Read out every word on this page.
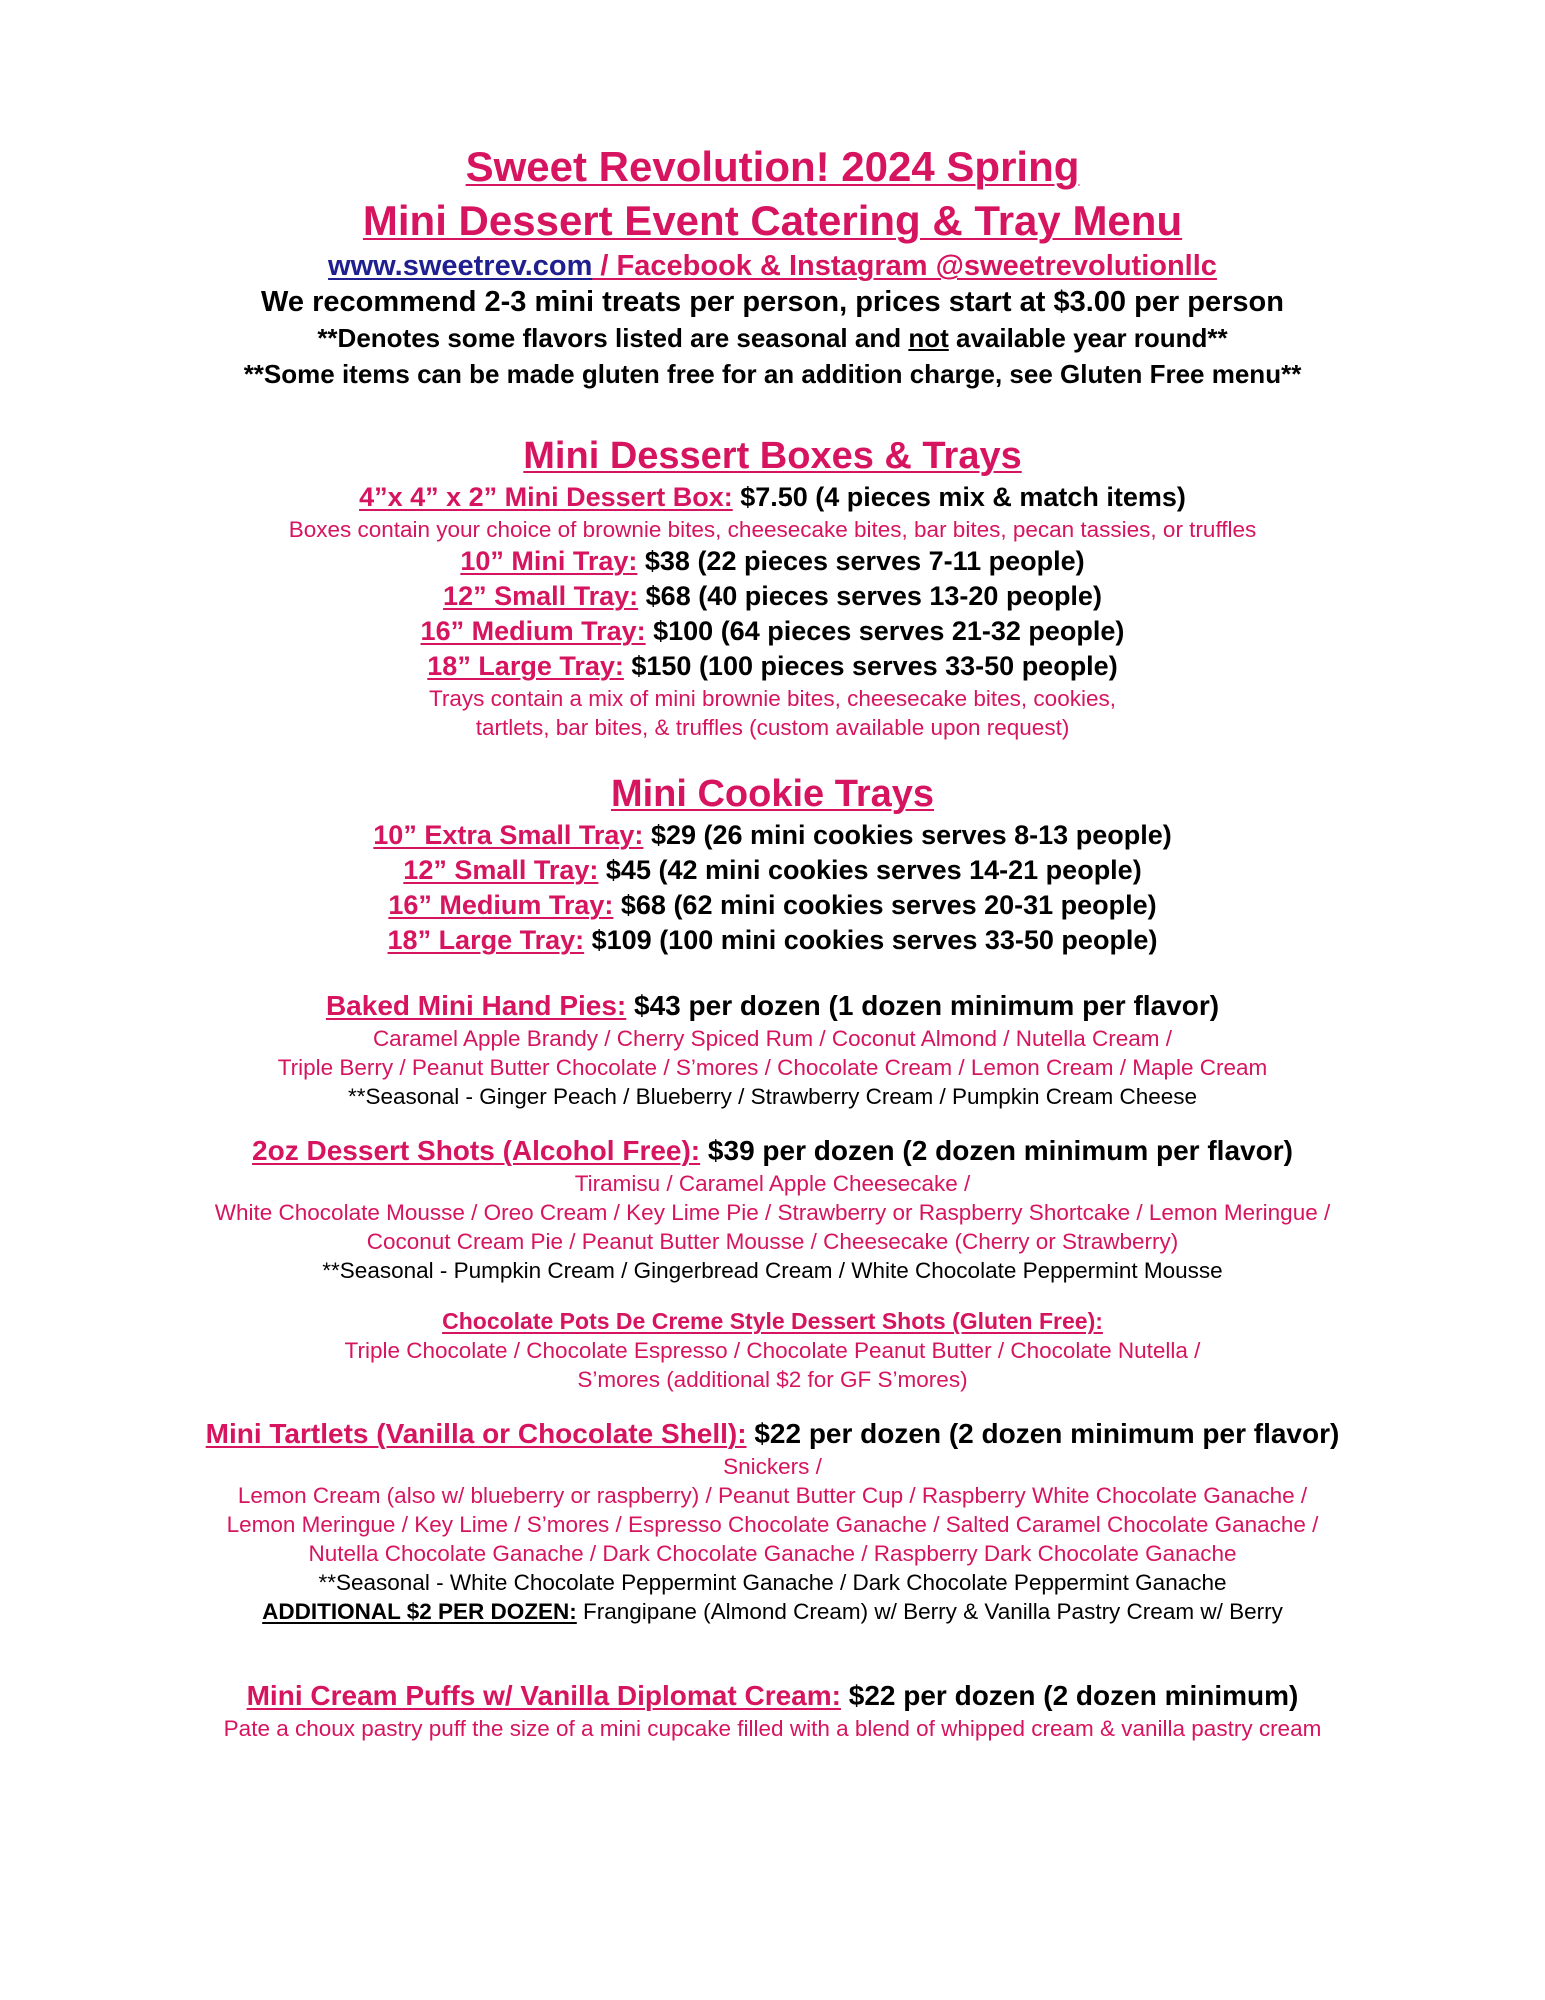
Sweet Revolution! 2024 Spring
Mini Dessert Event Catering & Tray Menu
www.sweetrev.com / Facebook & Instagram @sweetrevolutionllc
We recommend 2-3 mini treats per person, prices start at $3.00 per person
**Denotes some flavors listed are seasonal and not available year round**
**Some items can be made gluten free for an addition charge, see Gluten Free menu**
Mini Dessert Boxes & Trays
4”x 4” x 2” Mini Dessert Box: $7.50 (4 pieces mix & match items)
Boxes contain your choice of brownie bites, cheesecake bites, bar bites, pecan tassies, or truffles
10” Mini Tray: $38 (22 pieces serves 7-11 people)
12” Small Tray: $68 (40 pieces serves 13-20 people)
16” Medium Tray: $100 (64 pieces serves 21-32 people)
18” Large Tray: $150 (100 pieces serves 33-50 people)
Trays contain a mix of mini brownie bites, cheesecake bites, cookies,
tartlets, bar bites, & truffles (custom available upon request)
Mini Cookie Trays
10” Extra Small Tray: $29 (26 mini cookies serves 8-13 people)
12” Small Tray: $45 (42 mini cookies serves 14-21 people)
16” Medium Tray: $68 (62 mini cookies serves 20-31 people)
18” Large Tray: $109 (100 mini cookies serves 33-50 people)
Baked Mini Hand Pies: $43 per dozen (1 dozen minimum per flavor)
Caramel Apple Brandy / Cherry Spiced Rum / Coconut Almond / Nutella Cream /
Triple Berry / Peanut Butter Chocolate / S’mores / Chocolate Cream / Lemon Cream / Maple Cream
**Seasonal - Ginger Peach / Blueberry / Strawberry Cream / Pumpkin Cream Cheese
2oz Dessert Shots (Alcohol Free): $39 per dozen (2 dozen minimum per flavor)
Tiramisu / Caramel Apple Cheesecake /
White Chocolate Mousse / Oreo Cream / Key Lime Pie / Strawberry or Raspberry Shortcake / Lemon Meringue /
Coconut Cream Pie / Peanut Butter Mousse / Cheesecake (Cherry or Strawberry)
**Seasonal - Pumpkin Cream / Gingerbread Cream / White Chocolate Peppermint Mousse
Chocolate Pots De Creme Style Dessert Shots (Gluten Free):
Triple Chocolate / Chocolate Espresso / Chocolate Peanut Butter / Chocolate Nutella /
S’mores (additional $2 for GF S’mores)
Mini Tartlets (Vanilla or Chocolate Shell): $22 per dozen (2 dozen minimum per flavor)
Snickers /
Lemon Cream (also w/ blueberry or raspberry) / Peanut Butter Cup / Raspberry White Chocolate Ganache /
Lemon Meringue / Key Lime / S’mores / Espresso Chocolate Ganache / Salted Caramel Chocolate Ganache /
Nutella Chocolate Ganache / Dark Chocolate Ganache / Raspberry Dark Chocolate Ganache
**Seasonal - White Chocolate Peppermint Ganache / Dark Chocolate Peppermint Ganache
ADDITIONAL $2 PER DOZEN: Frangipane (Almond Cream) w/ Berry & Vanilla Pastry Cream w/ Berry
Mini Cream Puffs w/ Vanilla Diplomat Cream: $22 per dozen (2 dozen minimum)
Pate a choux pastry puff the size of a mini cupcake filled with a blend of whipped cream & vanilla pastry cream
